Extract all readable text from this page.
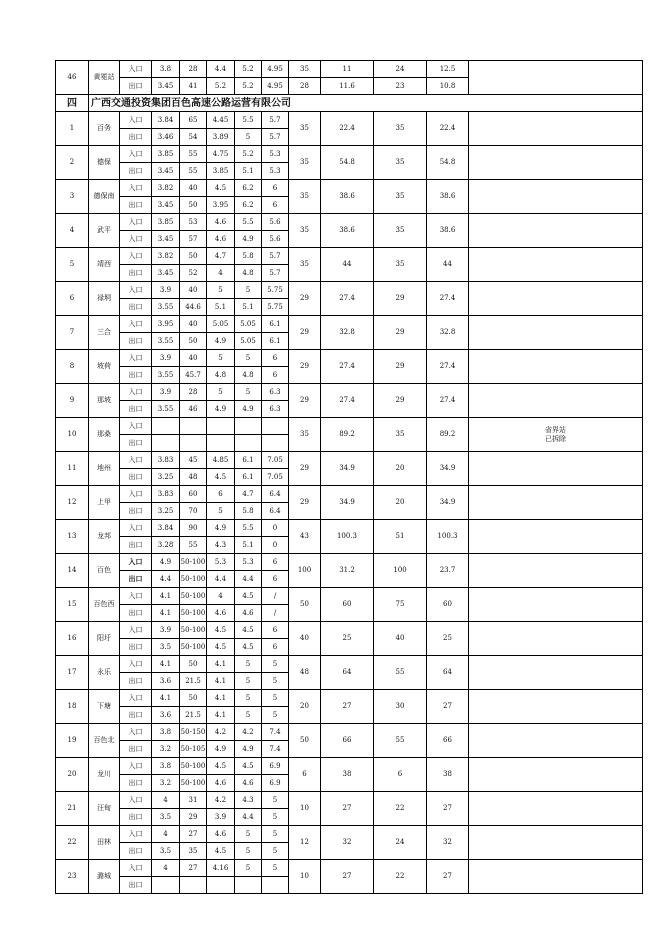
46	黄冕站	入口	3.8	28	4.4	5.2	4.95	35	11	24	12.5	
		出口	3.45	41	5.2	5.2	4.95	28	11.6	23	10.8	
四	广西交通投资集团百色高速公路运营有限公司											
1	百务	入口	3.84	65	4.45	5.5	5.7	35	22.4	35	22.4	
		出口	3.46	54	3.89	5	5.7					
2	德保	入口	3.85	55	4.75	5.2	5.3	35	54.8	35	54.8	
		出口	3.45	55	3.85	5.1	5.3					
3	德保南	入口	3.82	40	4.5	6.2	6	35	38.6	35	38.6	
		出口	3.45	50	3.95	6.2	6					
4	武平	入口	3.85	53	4.6	5.5	5.6	35	38.6	35	38.6	
		入口	3.45	57	4.6	4.9	5.6					
5	靖西	入口	3.82	50	4.7	5.8	5.7	35	44	35	44	
		出口	3.45	52	4	4.8	5.7					
6	禄垌	入口	3.9	40	5	5	5.75	29	27.4	29	27.4	
		出口	3.55	44.6	5.1	5.1	5.75					
7	三合	入口	3.95	40	5.05	5.05	6.1	29	32.8	29	32.8	
		出口	3.55	50	4.9	5.05	6.1					
8	坡荷	入口	3.9	40	5	5	6	29	27.4	29	27.4	
		出口	3.55	45.7	4.8	4.8	6					
9	那坡	入口	3.9	28	5	5	6.3	29	27.4	29	27.4	
		出口	3.55	46	4.9	4.9	6.3					
10	那桑	入口						35	89.2	35	89.2	省界站
已拆除
		出口										
11	地州	入口	3.83	45	4.85	6.1	7.05	29	34.9	20	34.9	
		出口	3.25	48	4.5	6.1	7.05					
12	上甲	入口	3.83	60	6	4.7	6.4	29	34.9	20	34.9	
		出口	3.25	70	5	5.8	6.4					
13	龙邦	入口	3.84	90	4.9	5.5	0	43	100.3	51	100.3	
		出口	3.28	55	4.3	5.1	0					
14	百色	入口	4.9	50-100	5.3	5.3	6	100	31.2	100	23.7	
		出口	4.4	50-100	4.4	4.4	6					
15	百色西	入口	4.1	50-100	4	4.5	/	50	60	75	60	
		出口	4.1	50-100	4.6	4.6	/					
16	阳圩	入口	3.9	50-100	4.5	4.5	6	40	25	40	25	
		出口	3.5	50-100	4.5	4.5	6					
17	永乐	入口	4.1	50	4.1	5	5	48	64	55	64	
		出口	3.6	21.5	4.1	5	5					
18	下塘	入口	4.1	50	4.1	5	5	20	27	30	27	
		出口	3.6	21.5	4.1	5	5					
19	百色北	入口	3.8	50-150	4.2	4.2	7.4	50	66	55	66	
		出口	3.2	50-105	4.9	4.9	7.4					
20	龙川	入口	3.8	50-100	4.5	4.5	6.9	6	38	6	38	
		出口	3.2	50-100	4.6	4.6	6.9					
21	汪甸	入口	4	31	4.2	4.3	5	10	27	22	27	
		出口	3.5	29	3.9	4.4	5					
22	田林	入口	4	27	4.6	5	5	12	32	24	32	
		出口	3.5	35	4.5	5	5					
23	潞城	入口	4	27	4.16	5	5	10	27	22	27	
		出口										
